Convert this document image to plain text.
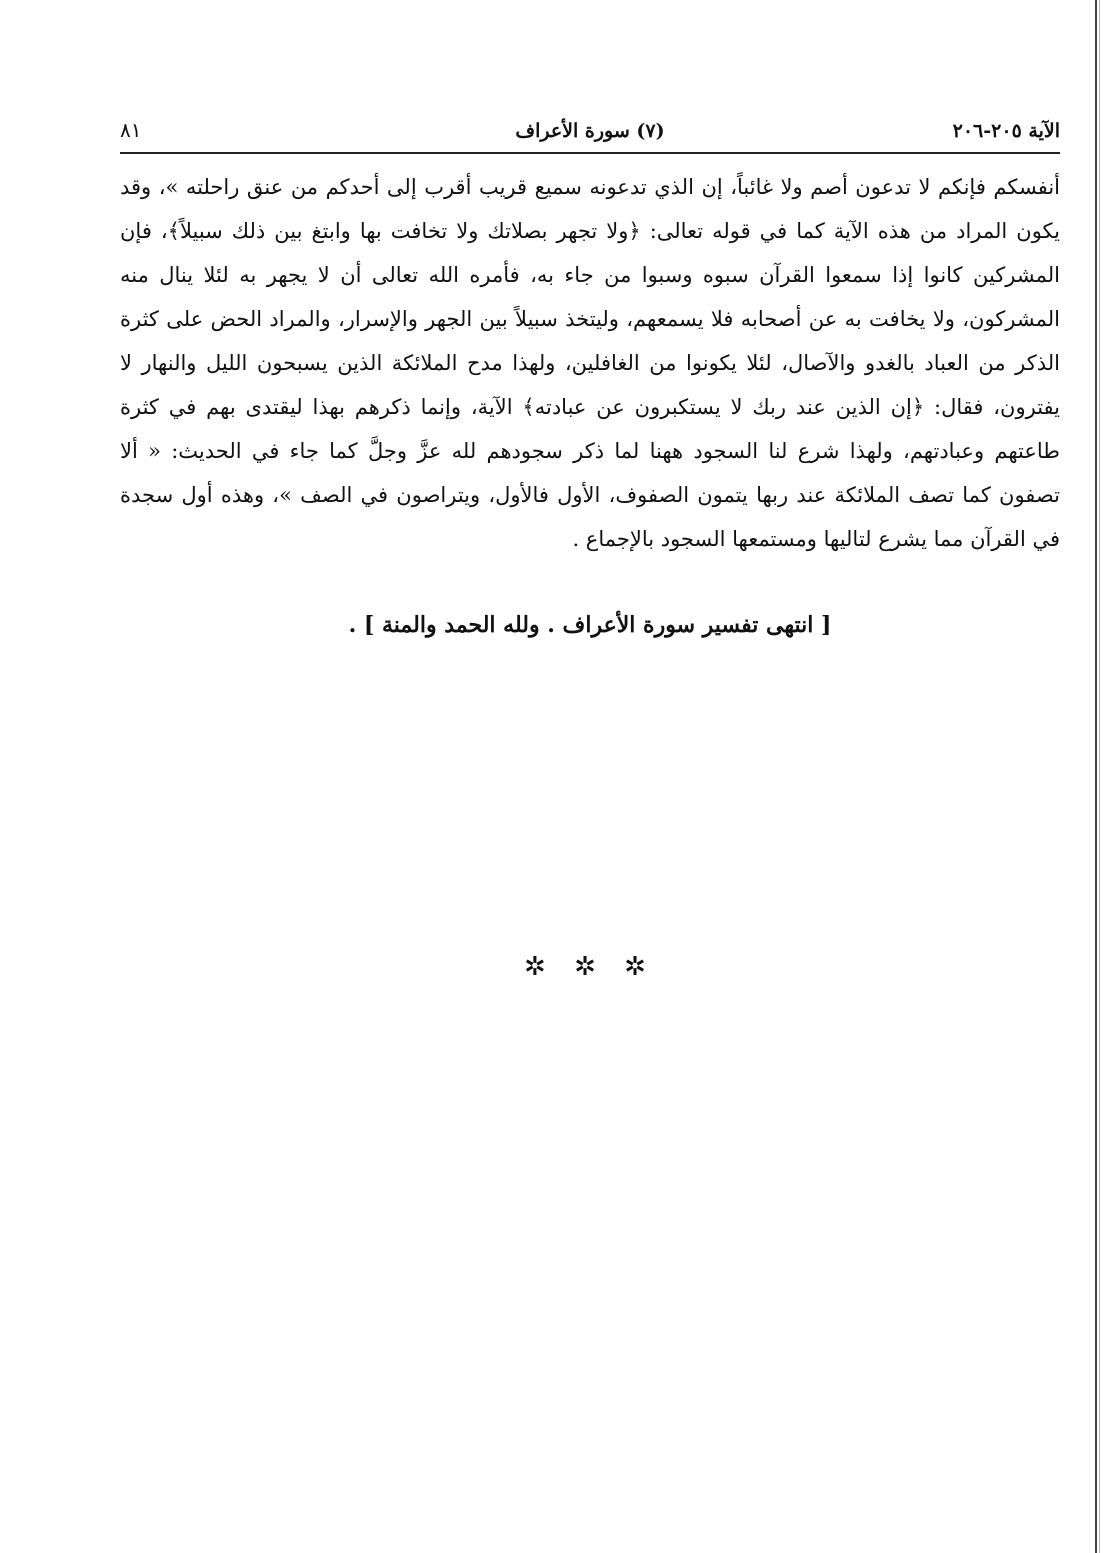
الآية ٢٠٥-٢٠٦
(٧) سورة الأعراف
٨١

أنفسكم فإنكم لا تدعون أصم ولا غائباً، إن الذي تدعونه سميع قريب أقرب إلى أحدكم من عنق راحلته »، وقد يكون المراد من هذه الآية كما في قوله تعالى: ﴿ولا تجهر بصلاتك ولا تخافت بها وابتغ بين ذلك سبيلاً﴾، فإن المشركين كانوا إذا سمعوا القرآن سبوه وسبوا من جاء به، فأمره الله تعالى أن لا يجهر به لئلا ينال منه المشركون، ولا يخافت به عن أصحابه فلا يسمعهم، وليتخذ سبيلاً بين الجهر والإسرار، والمراد الحض على كثرة الذكر من العباد بالغدو والآصال، لئلا يكونوا من الغافلين، ولهذا مدح الملائكة الذين يسبحون الليل والنهار لا يفترون، فقال: ﴿إن الذين عند ربك لا يستكبرون عن عبادته﴾ الآية، وإنما ذكرهم بهذا ليقتدى بهم في كثرة طاعتهم وعبادتهم، ولهذا شرع لنا السجود ههنا لما ذكر سجودهم لله عزَّ وجلَّ كما جاء في الحديث: « ألا تصفون كما تصف الملائكة عند ربها يتمون الصفوف، الأول فالأول، ويتراصون في الصف »، وهذه أول سجدة في القرآن مما يشرع لتاليها ومستمعها السجود بالإجماع .

[ انتهى تفسير سورة الأعراف . ولله الحمد والمنة ] .
✲ ✲ ✲
